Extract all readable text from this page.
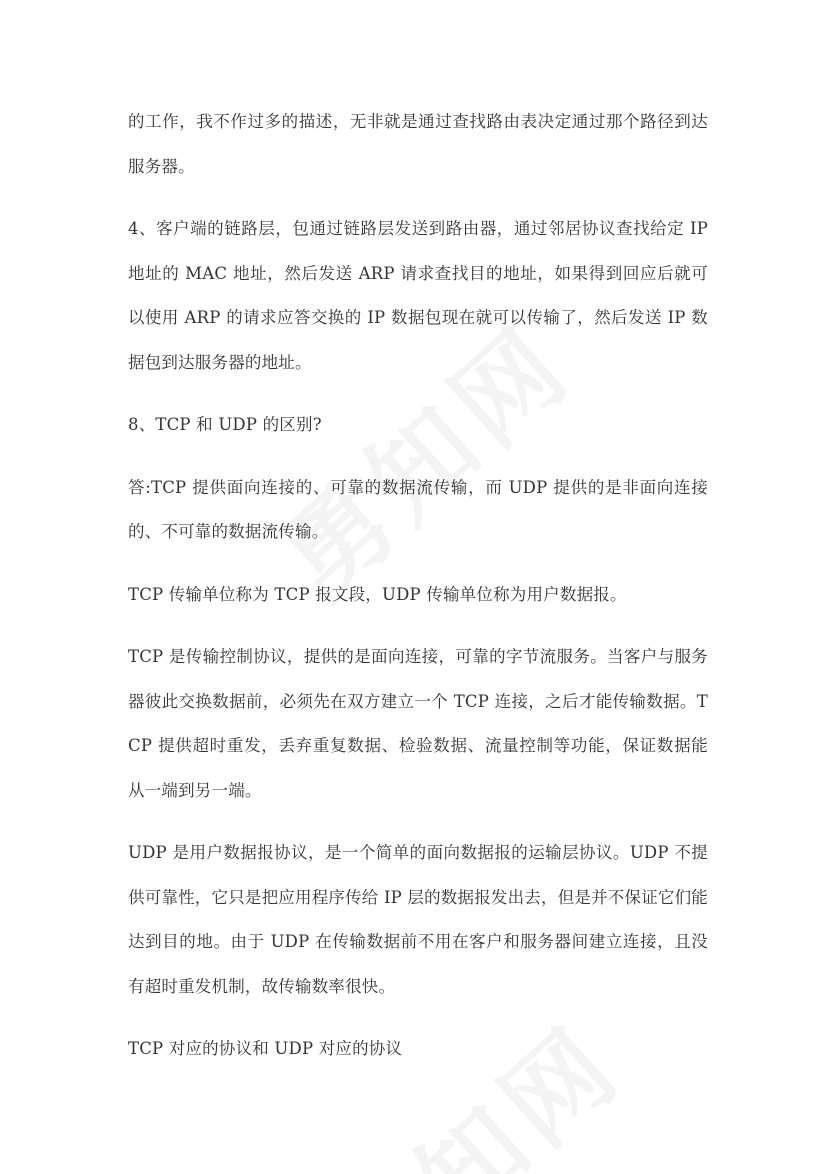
的工作，我不作过多的描述，无非就是通过查找路由表决定通过那个路径到达服务器。

4、客户端的链路层，包通过链路层发送到路由器，通过邻居协议查找给定 IP 地址的 MAC 地址，然后发送 ARP 请求查找目的地址，如果得到回应后就可以使用 ARP 的请求应答交换的 IP 数据包现在就可以传输了，然后发送 IP 数据包到达服务器的地址。

8、TCP 和 UDP 的区别?

答:TCP 提供面向连接的、可靠的数据流传输，而 UDP 提供的是非面向连接的、不可靠的数据流传输。

TCP 传输单位称为 TCP 报文段，UDP 传输单位称为用户数据报。

TCP 是传输控制协议，提供的是面向连接，可靠的字节流服务。当客户与服务器彼此交换数据前，必须先在双方建立一个 TCP 连接，之后才能传输数据。TCP 提供超时重发，丢弃重复数据、检验数据、流量控制等功能，保证数据能从一端到另一端。

UDP 是用户数据报协议，是一个简单的面向数据报的运输层协议。UDP 不提供可靠性，它只是把应用程序传给 IP 层的数据报发出去，但是并不保证它们能达到目的地。由于 UDP 在传输数据前不用在客户和服务器间建立连接，且没有超时重发机制，故传输数率很快。

TCP 对应的协议和 UDP 对应的协议
